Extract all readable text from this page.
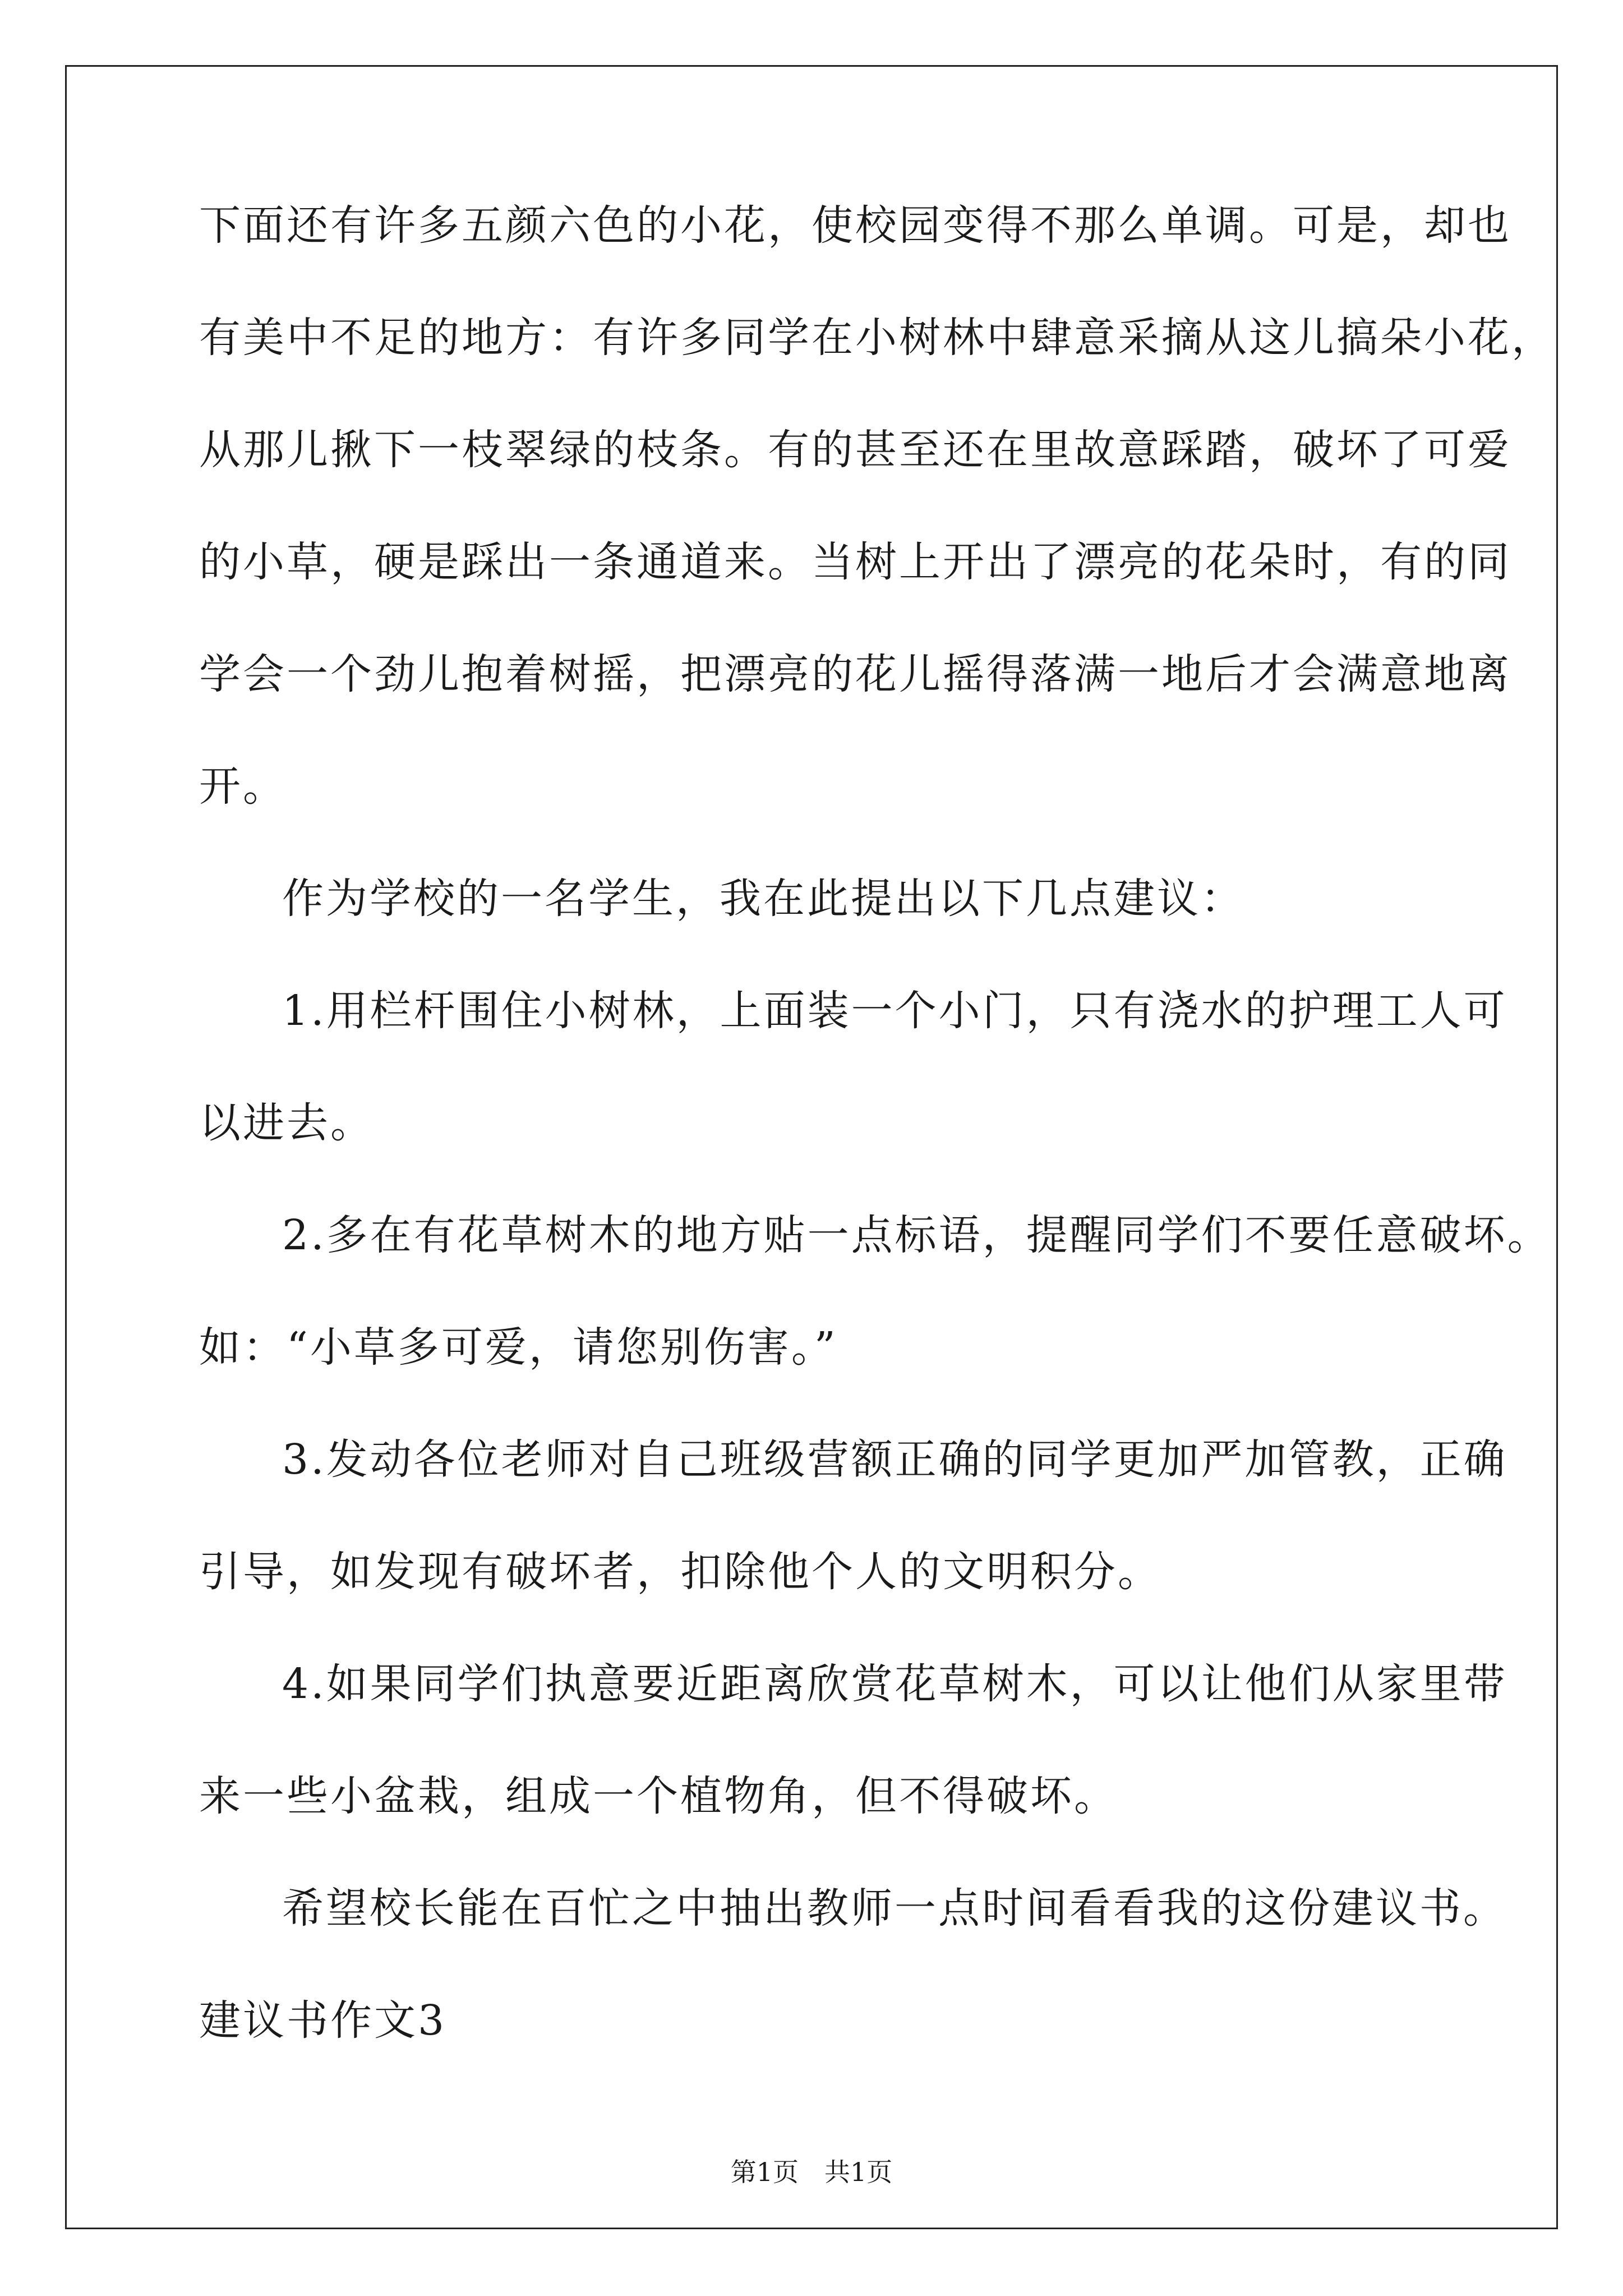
下面还有许多五颜六色的小花，使校园变得不那么单调。可是，却也
有美中不足的地方：有许多同学在小树林中肆意采摘从这儿搞朵小花，
从那儿揪下一枝翠绿的枝条。有的甚至还在里故意踩踏，破坏了可爱
的小草，硬是踩出一条通道来。当树上开出了漂亮的花朵时，有的同
学会一个劲儿抱着树摇，把漂亮的花儿摇得落满一地后才会满意地离
开。
作为学校的一名学生，我在此提出以下几点建议：
1.用栏杆围住小树林，上面装一个小门，只有浇水的护理工人可
以进去。
2.多在有花草树木的地方贴一点标语，提醒同学们不要任意破坏。
如：“小草多可爱，请您别伤害。”
3.发动各位老师对自己班级营额正确的同学更加严加管教，正确
引导，如发现有破坏者，扣除他个人的文明积分。
4.如果同学们执意要近距离欣赏花草树木，可以让他们从家里带
来一些小盆栽，组成一个植物角，但不得破坏。
希望校长能在百忙之中抽出教师一点时间看看我的这份建议书。
建议书作文3
第1页　共1页
